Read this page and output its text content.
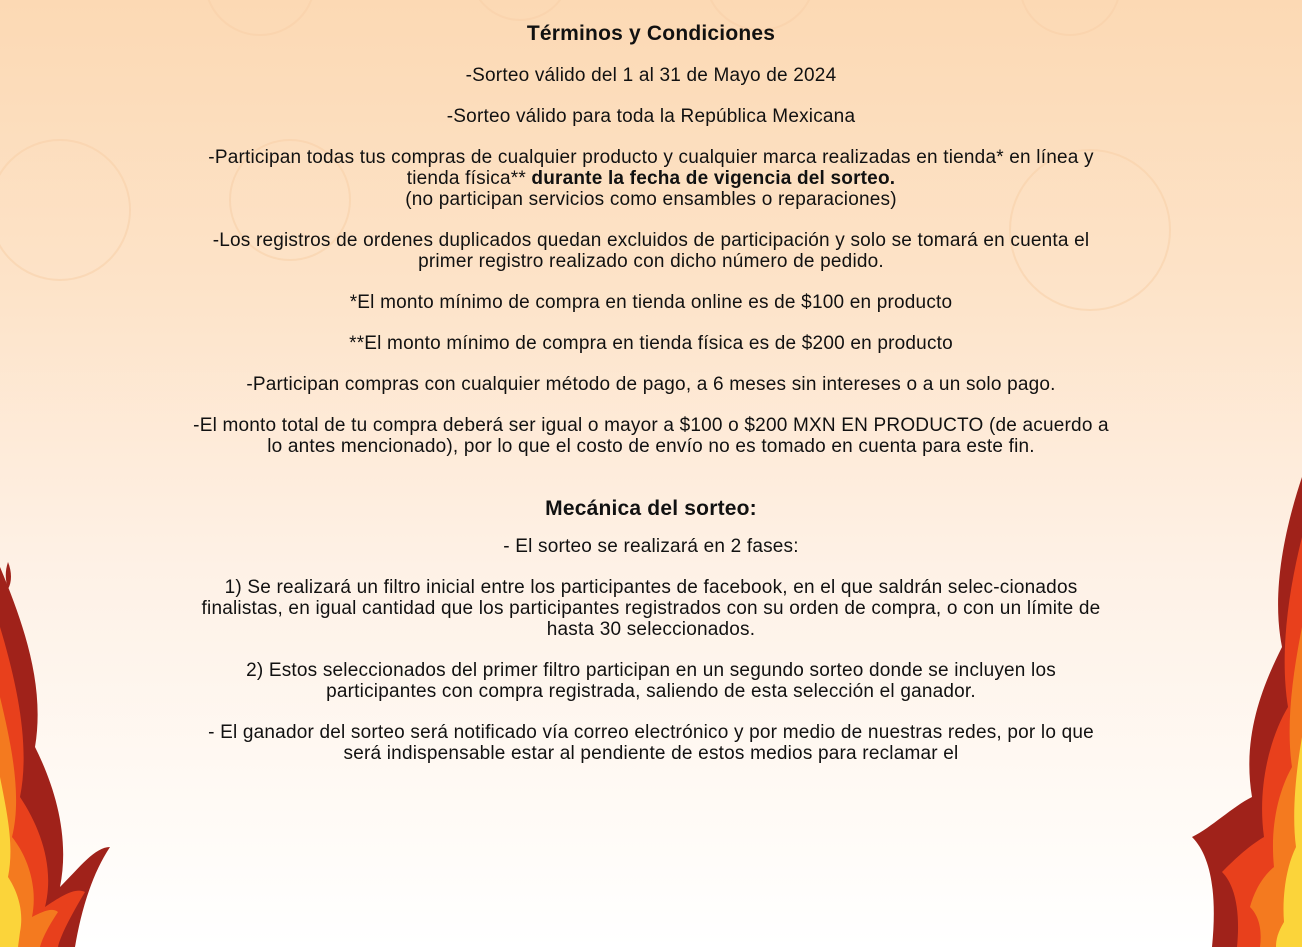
Términos y Condiciones

-Sorteo válido del 1 al 31 de Mayo de 2024

-Sorteo válido para toda la República Mexicana

-Participan todas tus compras de cualquier producto y cualquier marca realizadas en tienda* en línea y tienda física** durante la fecha de vigencia del sorteo.
(no participan servicios como ensambles o reparaciones)

-Los registros de ordenes duplicados quedan excluidos de participación y solo se tomará en cuenta el primer registro realizado con dicho número de pedido.

*El monto mínimo de compra en tienda online es de $100 en producto

**El monto mínimo de compra en tienda física es de $200 en producto

-Participan compras con cualquier método de pago, a 6 meses sin intereses o a un solo pago.

-El monto total de tu compra deberá ser igual o mayor a $100 o $200 MXN EN PRODUCTO (de acuerdo a lo antes mencionado), por lo que el costo de envío no es tomado en cuenta para este fin.

Mecánica del sorteo:

- El sorteo se realizará en 2 fases:

1) Se realizará un filtro inicial entre los participantes de facebook, en el que saldrán selec-cionados finalistas, en igual cantidad que los participantes registrados con su orden de compra, o con un límite de hasta 30 seleccionados.

2) Estos seleccionados del primer filtro participan en un segundo sorteo donde se incluyen los participantes con compra registrada, saliendo de esta selección el ganador.

- El ganador del sorteo será notificado vía correo electrónico y por medio de nuestras redes, por lo que será indispensable estar al pendiente de estos medios para reclamar el
